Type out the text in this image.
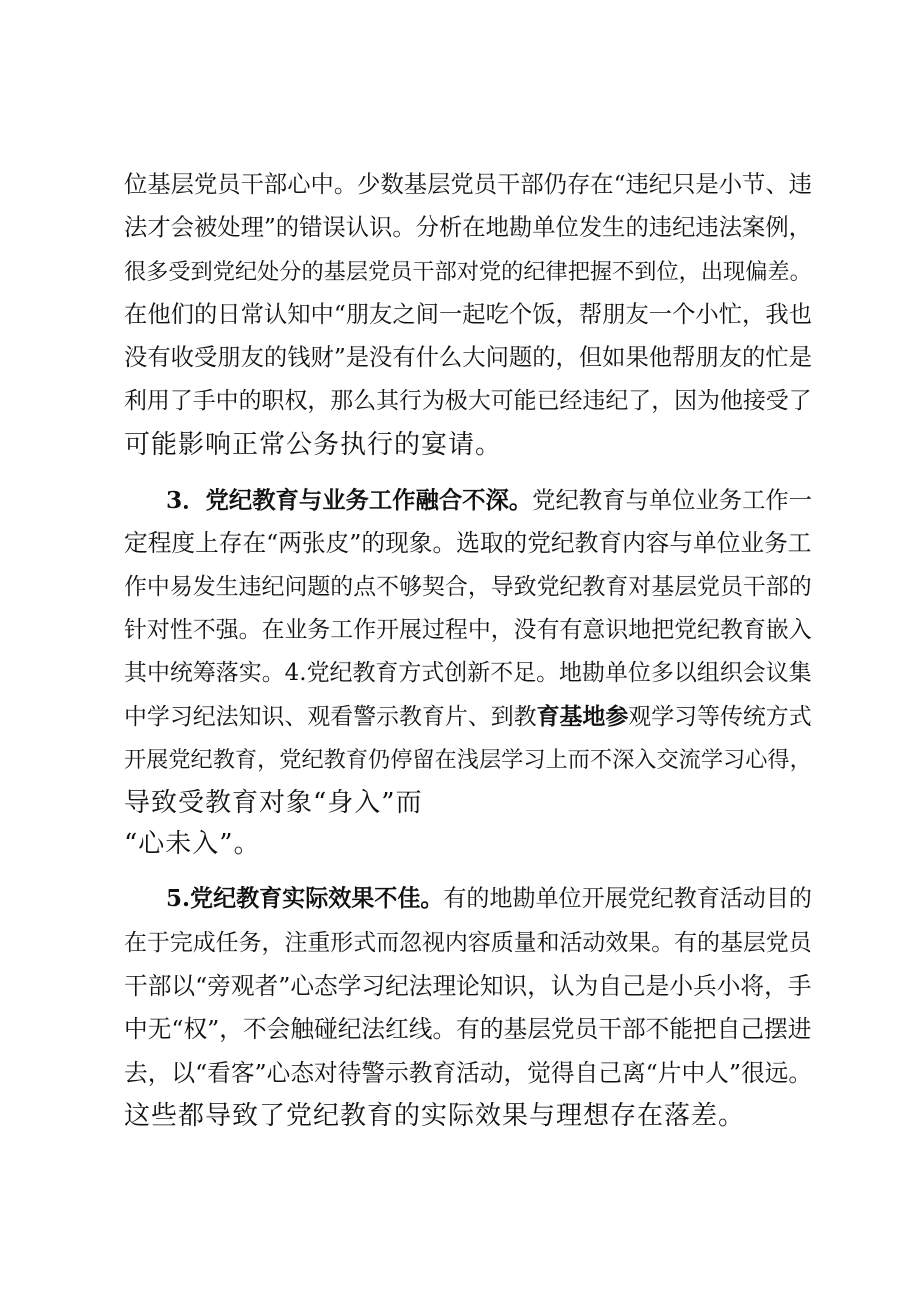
位基层党员干部心中。少数基层党员干部仍存在“违纪只是小节、违
法才会被处理”的错误认识。分析在地勘单位发生的违纪违法案例，
很多受到党纪处分的基层党员干部对党的纪律把握不到位，出现偏差。
在他们的日常认知中“朋友之间一起吃个饭，帮朋友一个小忙，我也
没有收受朋友的钱财”是没有什么大问题的，但如果他帮朋友的忙是
利用了手中的职权，那么其行为极大可能已经违纪了，因为他接受了
可能影响正常公务执行的宴请。
3．党纪教育与业务工作融合不深。党纪教育与单位业务工作一
定程度上存在“两张皮”的现象。选取的党纪教育内容与单位业务工
作中易发生违纪问题的点不够契合，导致党纪教育对基层党员干部的
针对性不强。在业务工作开展过程中，没有有意识地把党纪教育嵌入
其中统筹落实。4.党纪教育方式创新不足。地勘单位多以组织会议集
中学习纪法知识、观看警示教育片、到教育基地参观学习等传统方式
开展党纪教育，党纪教育仍停留在浅层学习上而不深入交流学习心得，
导致受教育对象“身入”而
“心未入”。
5.党纪教育实际效果不佳。有的地勘单位开展党纪教育活动目的
在于完成任务，注重形式而忽视内容质量和活动效果。有的基层党员
干部以“旁观者”心态学习纪法理论知识，认为自己是小兵小将，手
中无“权”，不会触碰纪法红线。有的基层党员干部不能把自己摆进
去，以“看客”心态对待警示教育活动，觉得自己离“片中人”很远。
这些都导致了党纪教育的实际效果与理想存在落差。
